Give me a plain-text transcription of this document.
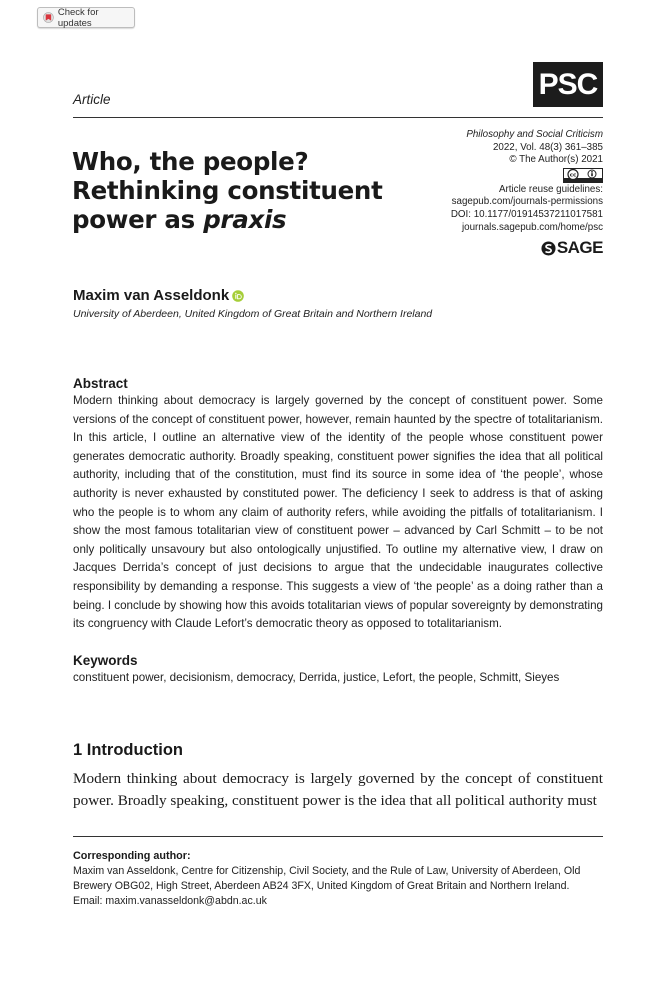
Check for updates
Article	PSC
Who, the people?
Rethinking constituent
power as praxis
Philosophy and Social Criticism
2022, Vol. 48(3) 361–385
© The Author(s) 2021
cc
Article reuse guidelines:
sagepub.com/journals-permissions
DOI: 10.1177/01914537211017581
journals.sagepub.com/home/psc
SAGE
Maxim van Asseldonk
University of Aberdeen, United Kingdom of Great Britain and Northern Ireland
Abstract
Modern thinking about democracy is largely governed by the concept of constituent power. Some versions of the concept of constituent power, however, remain haunted by the spectre of totalitarianism. In this article, I outline an alternative view of the identity of the people whose constituent power generates democratic authority. Broadly speaking, constituent power signifies the idea that all political authority, including that of the constitution, must find its source in some idea of ‘the people’, whose authority is never exhausted by constituted power. The deficiency I seek to address is that of asking who the people is to whom any claim of authority refers, while avoiding the pitfalls of totalitarianism. I show the most famous totalitarian view of constituent power – advanced by Carl Schmitt – to be not only politically unsavoury but also ontologically unjustified. To outline my alternative view, I draw on Jacques Derrida’s concept of just decisions to argue that the undecidable inaugurates collective responsibility by demanding a response. This suggests a view of ‘the people’ as a doing rather than a being. I conclude by showing how this avoids totalitarian views of popular sovereignty by demonstrating its congruency with Claude Lefort’s democratic theory as opposed to totalitarianism.
Keywords
constituent power, decisionism, democracy, Derrida, justice, Lefort, the people, Schmitt, Sieyes
1 Introduction
Modern thinking about democracy is largely governed by the concept of constituent power. Broadly speaking, constituent power is the idea that all political authority must
Corresponding author:
Maxim van Asseldonk, Centre for Citizenship, Civil Society, and the Rule of Law, University of Aberdeen, Old
Brewery OBG02, High Street, Aberdeen AB24 3FX, United Kingdom of Great Britain and Northern Ireland.
Email: maxim.vanasseldonk@abdn.ac.uk
